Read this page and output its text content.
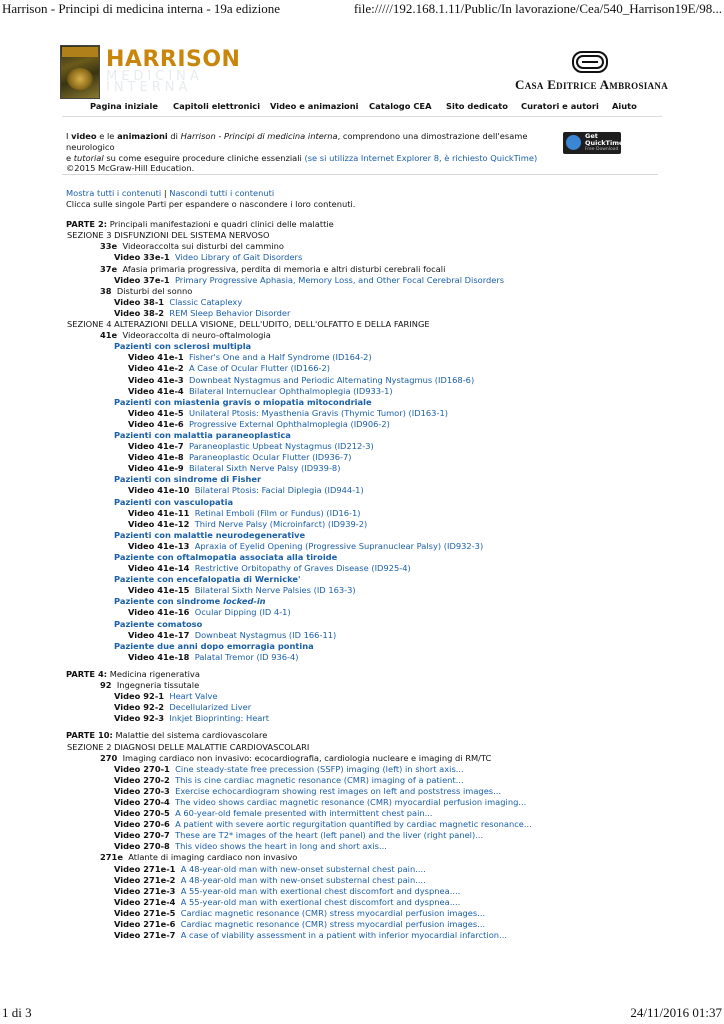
Harrison - Principi di medicina interna - 19a edizione	file://///192.168.1.11/Public/In lavorazione/Cea/540_Harrison19E/98...
HARRISON
MEDICINA
INTERNA	Casa Editrice Ambrosiana
Pagina iniziale Capitoli elettronici Video e animazioni Catalogo CEA Sito dedicato Curatori e autori Aiuto
I video e le animazioni di Harrison - Principi di medicina interna, comprendono una dimostrazione dell'esame neurologico
e tutorial su come eseguire procedure cliniche essenziali (se si utilizza Internet Explorer 8, è richiesto QuickTime)
©2015 McGraw-Hill Education.
Get
QuickTime
Free Download
Mostra tutti i contenuti | Nascondi tutti i contenuti
Clicca sulle singole Parti per espandere o nascondere i loro contenuti.
PARTE 2: Principali manifestazioni e quadri clinici delle malattie
SEZIONE 3 DISFUNZIONI DEL SISTEMA NERVOSO
33e Videoraccolta sui disturbi del cammino
Video 33e-1 Video Library of Gait Disorders
37e Afasia primaria progressiva, perdita di memoria e altri disturbi cerebrali focali
Video 37e-1 Primary Progressive Aphasia, Memory Loss, and Other Focal Cerebral Disorders
38 Disturbi del sonno
Video 38-1 Classic Cataplexy
Video 38-2 REM Sleep Behavior Disorder
SEZIONE 4 ALTERAZIONI DELLA VISIONE, DELL'UDITO, DELL'OLFATTO E DELLA FARINGE
41e Videoraccolta di neuro-oftalmologia
Pazienti con sclerosi multipla
Video 41e-1 Fisher's One and a Half Syndrome (ID164-2)
Video 41e-2 A Case of Ocular Flutter (ID166-2)
Video 41e-3 Downbeat Nystagmus and Periodic Alternating Nystagmus (ID168-6)
Video 41e-4 Bilateral Internuclear Ophthalmoplegia (ID933-1)
Pazienti con miastenia gravis o miopatia mitocondriale
Video 41e-5 Unilateral Ptosis: Myasthenia Gravis (Thymic Tumor) (ID163-1)
Video 41e-6 Progressive External Ophthalmoplegia (ID906-2)
Pazienti con malattia paraneoplastica
Video 41e-7 Paraneoplastic Upbeat Nystagmus (ID212-3)
Video 41e-8 Paraneoplastic Ocular Flutter (ID936-7)
Video 41e-9 Bilateral Sixth Nerve Palsy (ID939-8)
Pazienti con sindrome di Fisher
Video 41e-10 Bilateral Ptosis: Facial Diplegia (ID944-1)
Pazienti con vasculopatia
Video 41e-11 Retinal Emboli (Film or Fundus) (ID16-1)
Video 41e-12 Third Nerve Palsy (Microinfarct) (ID939-2)
Pazienti con malattie neurodegenerative
Video 41e-13 Apraxia of Eyelid Opening (Progressive Supranuclear Palsy) (ID932-3)
Paziente con oftalmopatia associata alla tiroide
Video 41e-14 Restrictive Orbitopathy of Graves Disease (ID925-4)
Paziente con encefalopatia di Wernicke'
Video 41e-15 Bilateral Sixth Nerve Palsies (ID 163-3)
Paziente con sindrome locked-in
Video 41e-16 Ocular Dipping (ID 4-1)
Paziente comatoso
Video 41e-17 Downbeat Nystagmus (ID 166-11)
Paziente due anni dopo emorragia pontina
Video 41e-18 Palatal Tremor (ID 936-4)
PARTE 4: Medicina rigenerativa
92 Ingegneria tissutale
Video 92-1 Heart Valve
Video 92-2 Decellularized Liver
Video 92-3 Inkjet Bioprinting: Heart
PARTE 10: Malattie del sistema cardiovascolare
SEZIONE 2 DIAGNOSI DELLE MALATTIE CARDIOVASCOLARI
270 Imaging cardiaco non invasivo: ecocardiografia, cardiologia nucleare e imaging di RM/TC
Video 270-1 Cine steady-state free precession (SSFP) imaging (left) in short axis...
Video 270-2 This is cine cardiac magnetic resonance (CMR) imaging of a patient...
Video 270-3 Exercise echocardiogram showing rest images on left and poststress images...
Video 270-4 The video shows cardiac magnetic resonance (CMR) myocardial perfusion imaging...
Video 270-5 A 60-year-old female presented with intermittent chest pain...
Video 270-6 A patient with severe aortic regurgitation quantified by cardiac magnetic resonance...
Video 270-7 These are T2* images of the heart (left panel) and the liver (right panel)...
Video 270-8 This video shows the heart in long and short axis...
271e Atlante di imaging cardiaco non invasivo
Video 271e-1 A 48-year-old man with new-onset substernal chest pain....
Video 271e-2 A 48-year-old man with new-onset substernal chest pain....
Video 271e-3 A 55-year-old man with exertional chest discomfort and dyspnea....
Video 271e-4 A 55-year-old man with exertional chest discomfort and dyspnea....
Video 271e-5 Cardiac magnetic resonance (CMR) stress myocardial perfusion images...
Video 271e-6 Cardiac magnetic resonance (CMR) stress myocardial perfusion images...
Video 271e-7 A case of viability assessment in a patient with inferior myocardial infarction...
1 di 3	24/11/2016 01:37
